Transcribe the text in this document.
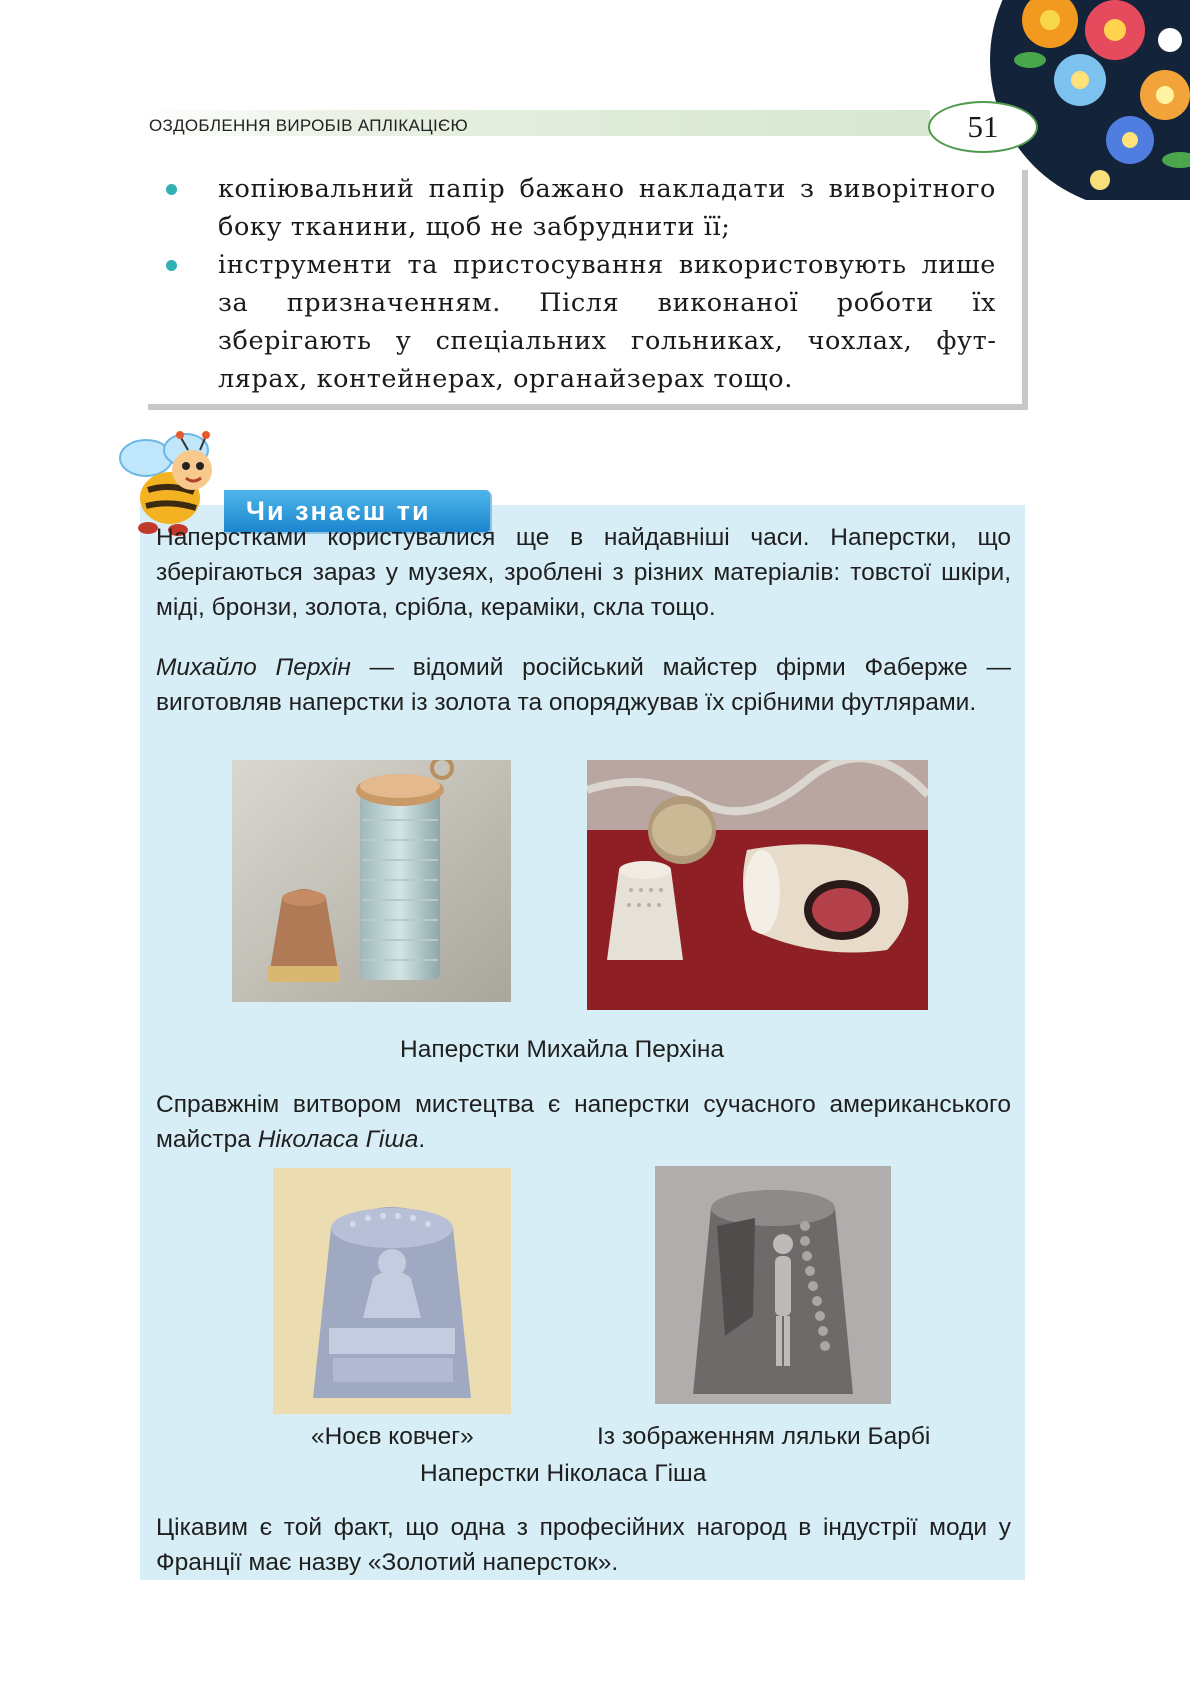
ОЗДОБЛЕННЯ ВИРОБІВ АПЛІКАЦІЄЮ	51
копіювальний папір бажано накладати з виворітного боку тканини, щоб не забруднити її;
інструменти та пристосування використовують лише за призначенням. Після виконаної роботи їх зберігають у спеціальних гольниках, чохлах, футлярах, контейнерах, органайзерах тощо.
Чи знаєш ти

Наперстками користувалися ще в найдавніші часи. Наперстки, що зберігаються зараз у музеях, зроблені з різних матеріалів: товстої шкіри, міді, бронзи, золота, срібла, кераміки, скла тощо.

Михайло Перхін — відомий російський майстер фірми Фаберже — виготовляв наперстки із золота та опоряджував їх срібними футлярами.

Наперстки Михайла Перхіна

Справжнім витвором мистецтва є наперстки сучасного американського майстра Ніколаса Гіша.

«Ноєв ковчег»	Із зображенням ляльки Барбі
Наперстки Ніколаса Гіша

Цікавим є той факт, що одна з професійних нагород в індустрії моди у Франції має назву «Золотий наперсток».
